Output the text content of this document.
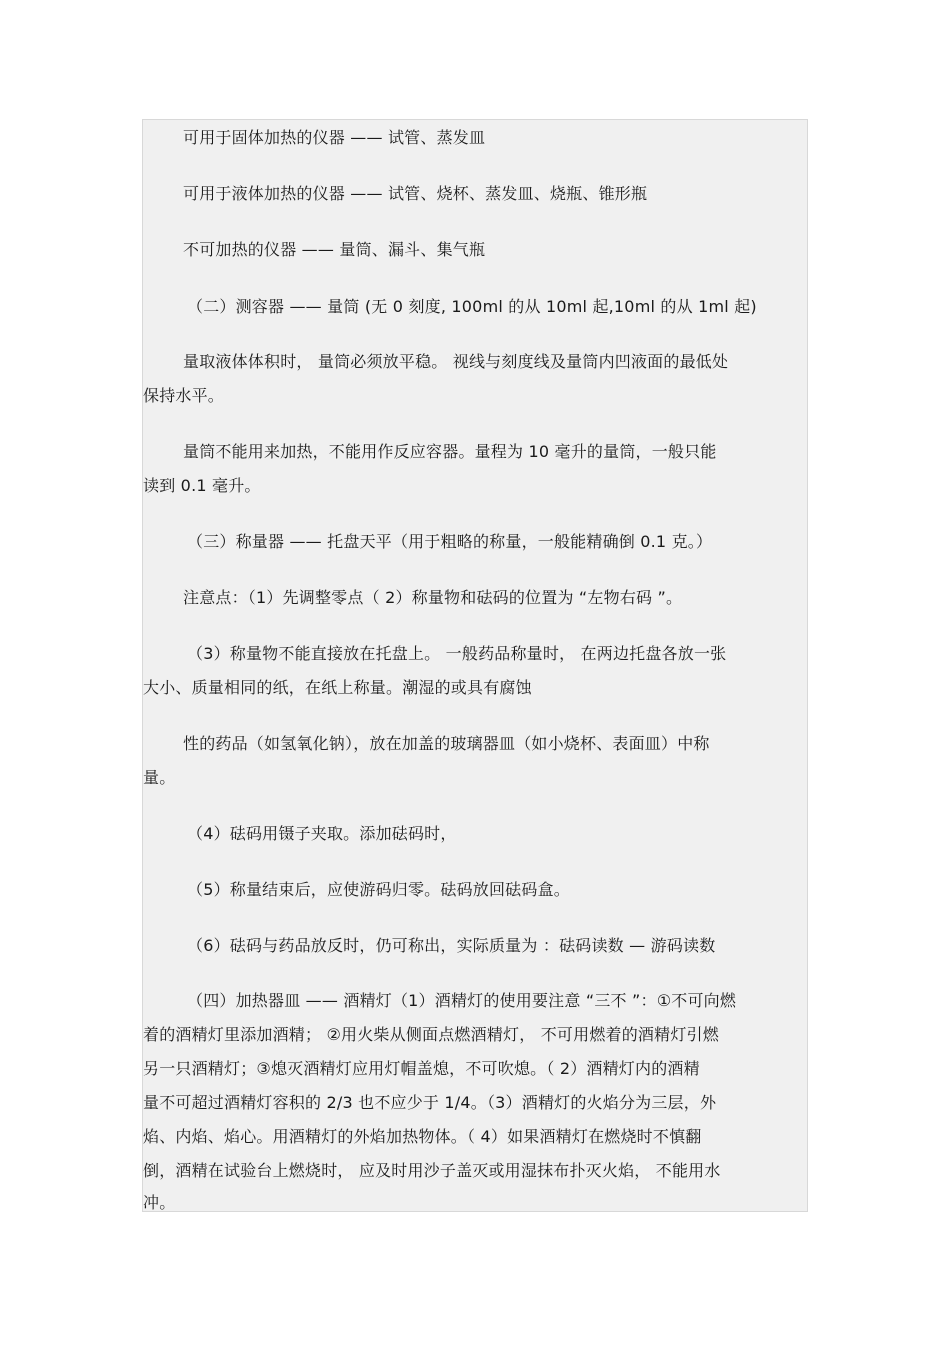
可用于固体加热的仪器 —— 试管、蒸发皿
可用于液体加热的仪器 —— 试管、烧杯、蒸发皿、烧瓶、锥形瓶
不可加热的仪器 —— 量筒、漏斗、集气瓶
（二）测容器 —— 量筒 (无 0 刻度, 100ml 的从 10ml 起,10ml 的从 1ml 起)
量取液体体积时， 量筒必须放平稳。 视线与刻度线及量筒内凹液面的最低处
保持水平。
量筒不能用来加热，不能用作反应容器。量程为 10 毫升的量筒，一般只能
读到 0.1 毫升。
（三）称量器 —— 托盘天平（用于粗略的称量，一般能精确倒 0.1 克。）
注意点：（1）先调整零点（ 2）称量物和砝码的位置为 “左物右码 ”。
（3）称量物不能直接放在托盘上。 一般药品称量时， 在两边托盘各放一张
大小、质量相同的纸，在纸上称量。潮湿的或具有腐蚀
性的药品（如氢氧化钠），放在加盖的玻璃器皿（如小烧杯、表面皿）中称
量。
（4）砝码用镊子夹取。添加砝码时，
（5）称量结束后，应使游码归零。砝码放回砝码盒。
（6）砝码与药品放反时，仍可称出，实际质量为 ：砝码读数 — 游码读数
（四）加热器皿 —— 酒精灯（1）酒精灯的使用要注意 “三不 ”：①不可向燃
着的酒精灯里添加酒精； ②用火柴从侧面点燃酒精灯， 不可用燃着的酒精灯引燃
另一只酒精灯；③熄灭酒精灯应用灯帽盖熄，不可吹熄。（ 2）酒精灯内的酒精
量不可超过酒精灯容积的 2/3 也不应少于 1/4。（3）酒精灯的火焰分为三层，外
焰、内焰、焰心。用酒精灯的外焰加热物体。（ 4）如果酒精灯在燃烧时不慎翻
倒，酒精在试验台上燃烧时， 应及时用沙子盖灭或用湿抹布扑灭火焰， 不能用水
冲。
